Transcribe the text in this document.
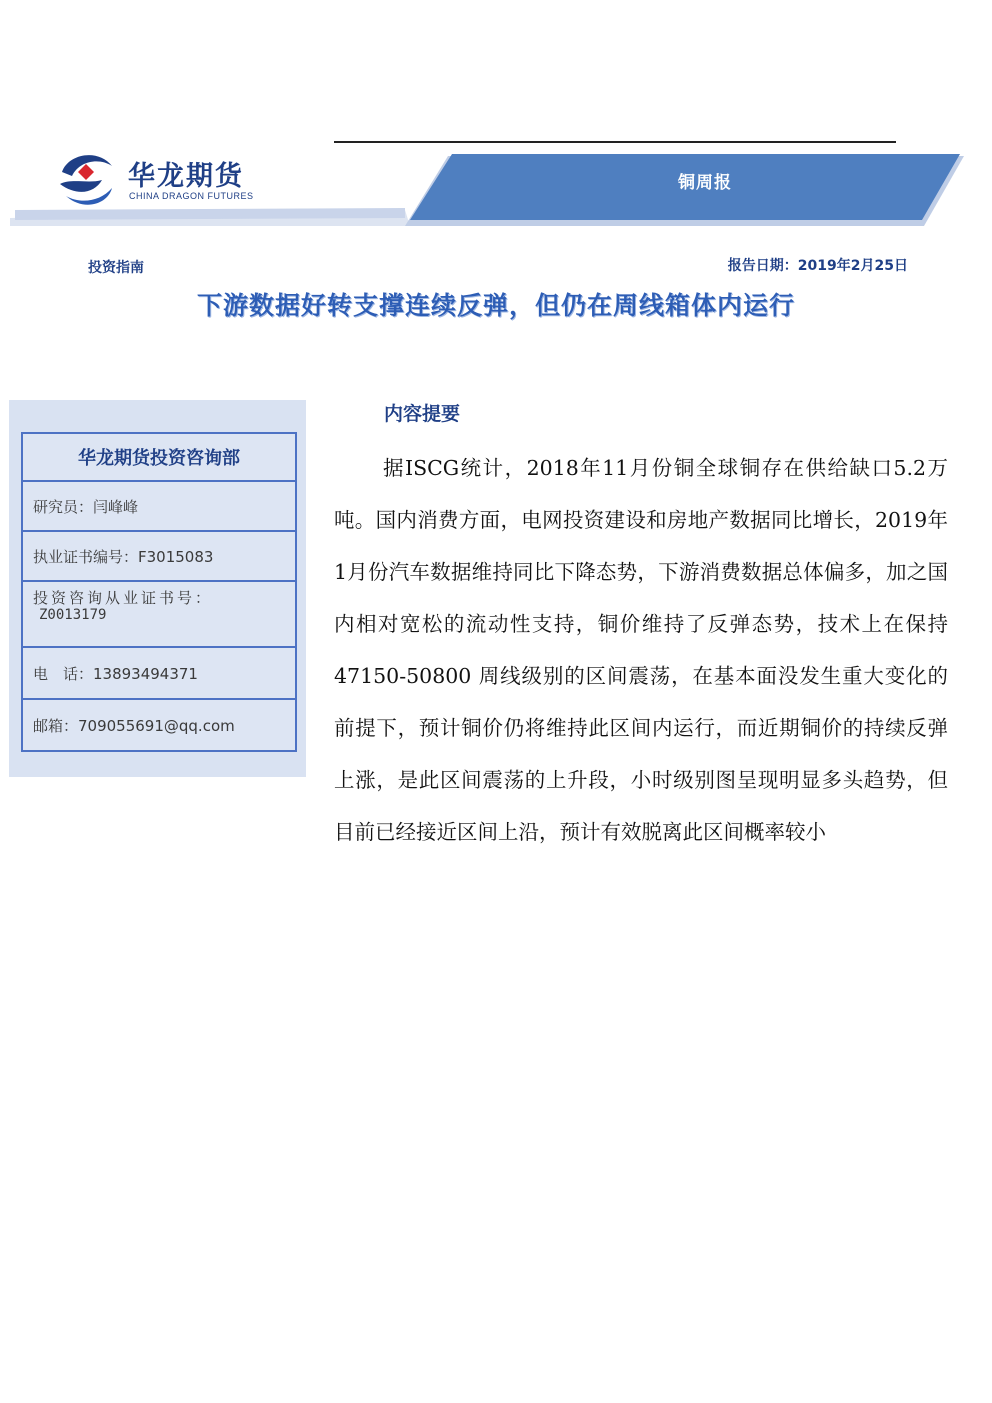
铜周报
华龙期货
CHINA DRAGON FUTURES
投资指南	报告日期：2019年2月25日
下游数据好转支撑连续反弹，但仍在周线箱体内运行
华龙期货投资咨询部
研究员：闫峰峰
执业证书编号：F3015083
投资咨询从业证书号：
Z0013179
电　话：13893494371
邮箱：709055691@qq.com
内容提要

据ISCG统计，2018年11月份铜全球铜存在供给缺口5.2万吨。国内消费方面，电网投资建设和房地产数据同比增长，2019年1月份汽车数据维持同比下降态势，下游消费数据总体偏多，加之国内相对宽松的流动性支持，铜价维持了反弹态势，技术上在保持 47150-50800 周线级别的区间震荡，在基本面没发生重大变化的前提下，预计铜价仍将维持此区间内运行，而近期铜价的持续反弹上涨，是此区间震荡的上升段，小时级别图呈现明显多头趋势，但目前已经接近区间上沿，预计有效脱离此区间概率较小
